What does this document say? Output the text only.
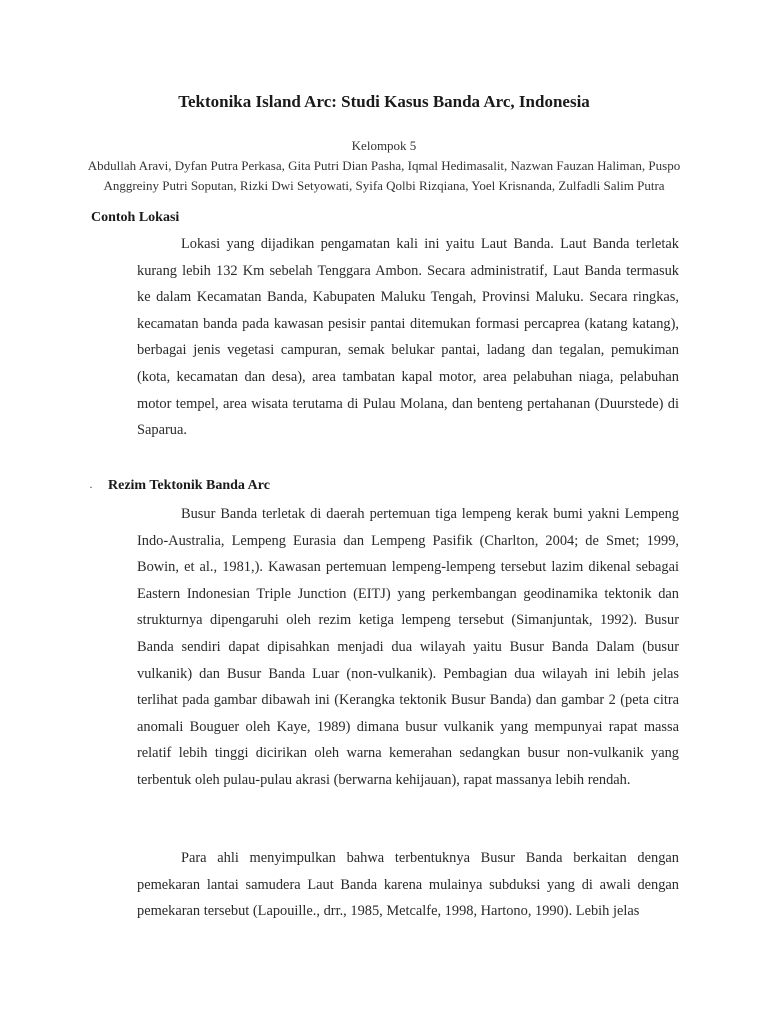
Tektonika Island Arc: Studi Kasus Banda Arc, Indonesia
Kelompok 5
Abdullah Aravi, Dyfan Putra Perkasa, Gita Putri Dian Pasha, Iqmal Hedimasalit, Nazwan Fauzan Haliman, Puspo Anggreiny Putri Soputan, Rizki Dwi Setyowati, Syifa Qolbi Rizqiana, Yoel Krisnanda, Zulfadli Salim Putra
Contoh Lokasi

Lokasi yang dijadikan pengamatan kali ini yaitu Laut Banda. Laut Banda terletak kurang lebih 132 Km sebelah Tenggara Ambon. Secara administratif, Laut Banda termasuk ke dalam Kecamatan Banda, Kabupaten Maluku Tengah, Provinsi Maluku. Secara ringkas, kecamatan banda pada kawasan pesisir pantai ditemukan formasi percaprea (katang katang), berbagai jenis vegetasi campuran, semak belukar pantai, ladang dan tegalan, pemukiman (kota, kecamatan dan desa), area tambatan kapal motor, area pelabuhan niaga, pelabuhan motor tempel, area wisata terutama di Pulau Molana, dan benteng pertahanan (Duurstede) di Saparua.

· Rezim Tektonik Banda Arc

Busur Banda terletak di daerah pertemuan tiga lempeng kerak bumi yakni Lempeng Indo-Australia, Lempeng Eurasia dan Lempeng Pasifik (Charlton, 2004; de Smet; 1999, Bowin, et al., 1981,). Kawasan pertemuan lempeng-lempeng tersebut lazim dikenal sebagai Eastern Indonesian Triple Junction (EITJ) yang perkembangan geodinamika tektonik dan strukturnya dipengaruhi oleh rezim ketiga lempeng tersebut (Simanjuntak, 1992). Busur Banda sendiri dapat dipisahkan menjadi dua wilayah yaitu Busur Banda Dalam (busur vulkanik) dan Busur Banda Luar (non-vulkanik). Pembagian dua wilayah ini lebih jelas terlihat pada gambar dibawah ini (Kerangka tektonik Busur Banda) dan gambar 2 (peta citra anomali Bouguer oleh Kaye, 1989) dimana busur vulkanik yang mempunyai rapat massa relatif lebih tinggi dicirikan oleh warna kemerahan sedangkan busur non-vulkanik yang terbentuk oleh pulau-pulau akrasi (berwarna kehijauan), rapat massanya lebih rendah.

Para ahli menyimpulkan bahwa terbentuknya Busur Banda berkaitan dengan pemekaran lantai samudera Laut Banda karena mulainya subduksi yang di awali dengan pemekaran tersebut (Lapouille., drr., 1985, Metcalfe, 1998, Hartono, 1990). Lebih jelas
